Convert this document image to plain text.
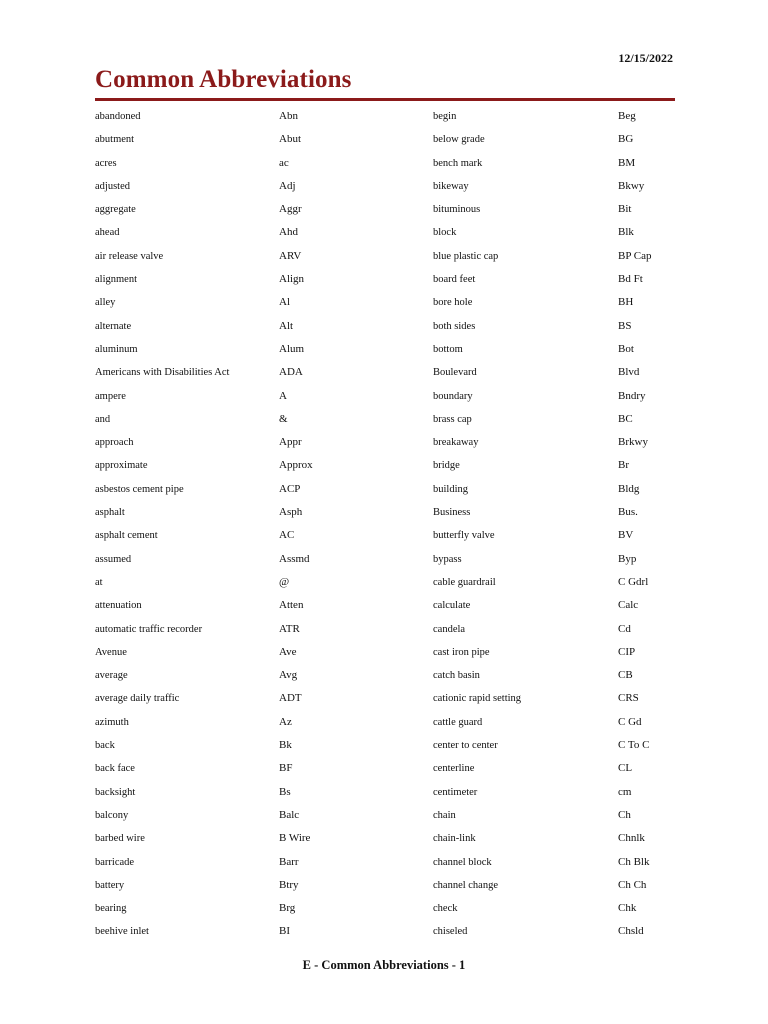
12/15/2022
Common Abbreviations
abandoned	Abn	begin	Beg
abutment	Abut	below grade	BG
acres	ac	bench mark	BM
adjusted	Adj	bikeway	Bkwy
aggregate	Aggr	bituminous	Bit
ahead	Ahd	block	Blk
air release valve	ARV	blue plastic cap	BP Cap
alignment	Align	board feet	Bd Ft
alley	Al	bore hole	BH
alternate	Alt	both sides	BS
aluminum	Alum	bottom	Bot
Americans with Disabilities Act	ADA	Boulevard	Blvd
ampere	A	boundary	Bndry
and	&	brass cap	BC
approach	Appr	breakaway	Brkwy
approximate	Approx	bridge	Br
asbestos cement pipe	ACP	building	Bldg
asphalt	Asph	Business	Bus.
asphalt cement	AC	butterfly valve	BV
assumed	Assmd	bypass	Byp
at	@	cable guardrail	C Gdrl
attenuation	Atten	calculate	Calc
automatic traffic recorder	ATR	candela	Cd
Avenue	Ave	cast iron pipe	CIP
average	Avg	catch basin	CB
average daily traffic	ADT	cationic rapid setting	CRS
azimuth	Az	cattle guard	C Gd
back	Bk	center to center	C To C
back face	BF	centerline	CL
backsight	Bs	centimeter	cm
balcony	Balc	chain	Ch
barbed wire	B Wire	chain-link	Chnlk
barricade	Barr	channel block	Ch Blk
battery	Btry	channel change	Ch Ch
bearing	Brg	check	Chk
beehive inlet	BI	chiseled	Chsld
E - Common Abbreviations - 1
